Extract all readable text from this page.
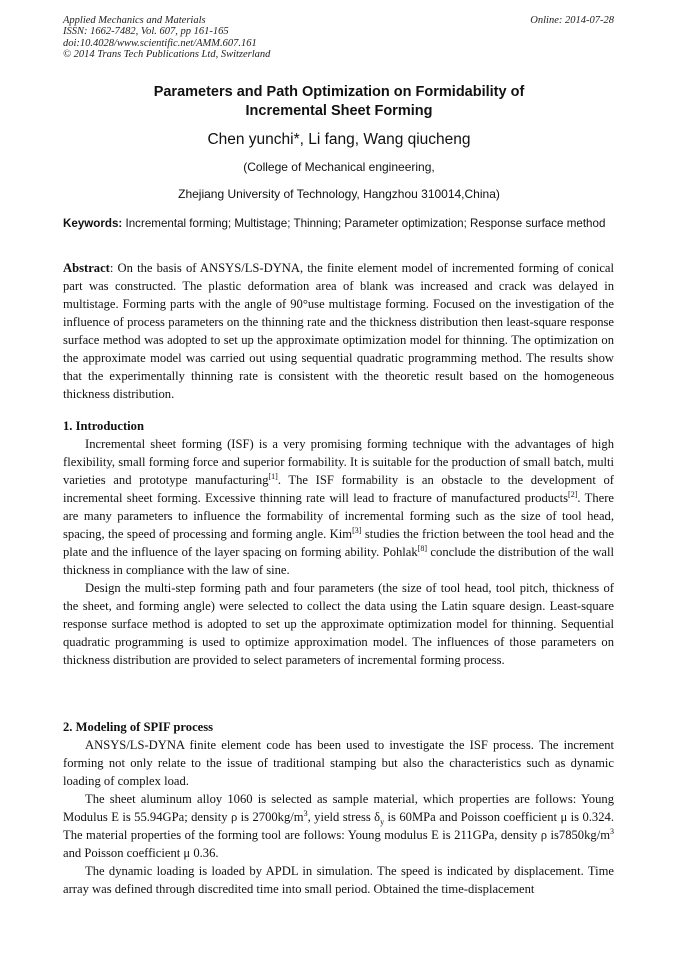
Applied Mechanics and Materials
ISSN: 1662-7482, Vol. 607, pp 161-165
doi:10.4028/www.scientific.net/AMM.607.161
© 2014 Trans Tech Publications Ltd, Switzerland
Online: 2014-07-28
Parameters and Path Optimization on Formidability of
Incremental Sheet Forming
Chen yunchi*, Li fang, Wang qiucheng
(College of Mechanical engineering,
Zhejiang University of Technology, Hangzhou 310014,China)
Keywords: Incremental forming; Multistage; Thinning; Parameter optimization; Response surface method

Abstract: On the basis of ANSYS/LS-DYNA, the finite element model of incremented forming of conical part was constructed. The plastic deformation area of blank was increased and crack was delayed in multistage. Forming parts with the angle of 90°use multistage forming. Focused on the investigation of the influence of process parameters on the thinning rate and the thickness distribution then least-square response surface method was adopted to set up the approximate optimization model for thinning. The optimization on the approximate model was carried out using sequential quadratic programming method. The results show that the experimentally thinning rate is consistent with the theoretic result based on the homogeneous thickness distribution.

1. Introduction

Incremental sheet forming (ISF) is a very promising forming technique with the advantages of high flexibility, small forming force and superior formability. It is suitable for the production of small batch, multi varieties and prototype manufacturing[1]. The ISF formability is an obstacle to the development of incremental sheet forming. Excessive thinning rate will lead to fracture of manufactured products[2]. There are many parameters to influence the formability of incremental forming such as the size of tool head, spacing, the speed of processing and forming angle. Kim[3] studies the friction between the tool head and the plate and the influence of the layer spacing on forming ability. Pohlak[8] conclude the distribution of the wall thickness in compliance with the law of sine.

Design the multi-step forming path and four parameters (the size of tool head, tool pitch, thickness of the sheet, and forming angle) were selected to collect the data using the Latin square design. Least-square response surface method is adopted to set up the approximate optimization model for thinning. Sequential quadratic programming is used to optimize approximation model. The influences of those parameters on thickness distribution are provided to select parameters of incremental forming process.

2. Modeling of SPIF process

ANSYS/LS-DYNA finite element code has been used to investigate the ISF process. The increment forming not only relate to the issue of traditional stamping but also the characteristics such as dynamic loading of complex load.

The sheet aluminum alloy 1060 is selected as sample material, which properties are follows: Young Modulus E is 55.94GPa; density ρ is $2700kg/m^3$, yield stress $\delta_y$ is 60MPa and Poisson coefficient μ is 0.324. The material properties of the forming tool are follows: Young modulus E is 211GPa, density ρ $is7850kg/m^3$ and Poisson coefficient μ 0.36.

The dynamic loading is loaded by APDL in simulation. The speed is indicated by displacement. Time array was defined through discredited time into small period. Obtained the time-displacement
